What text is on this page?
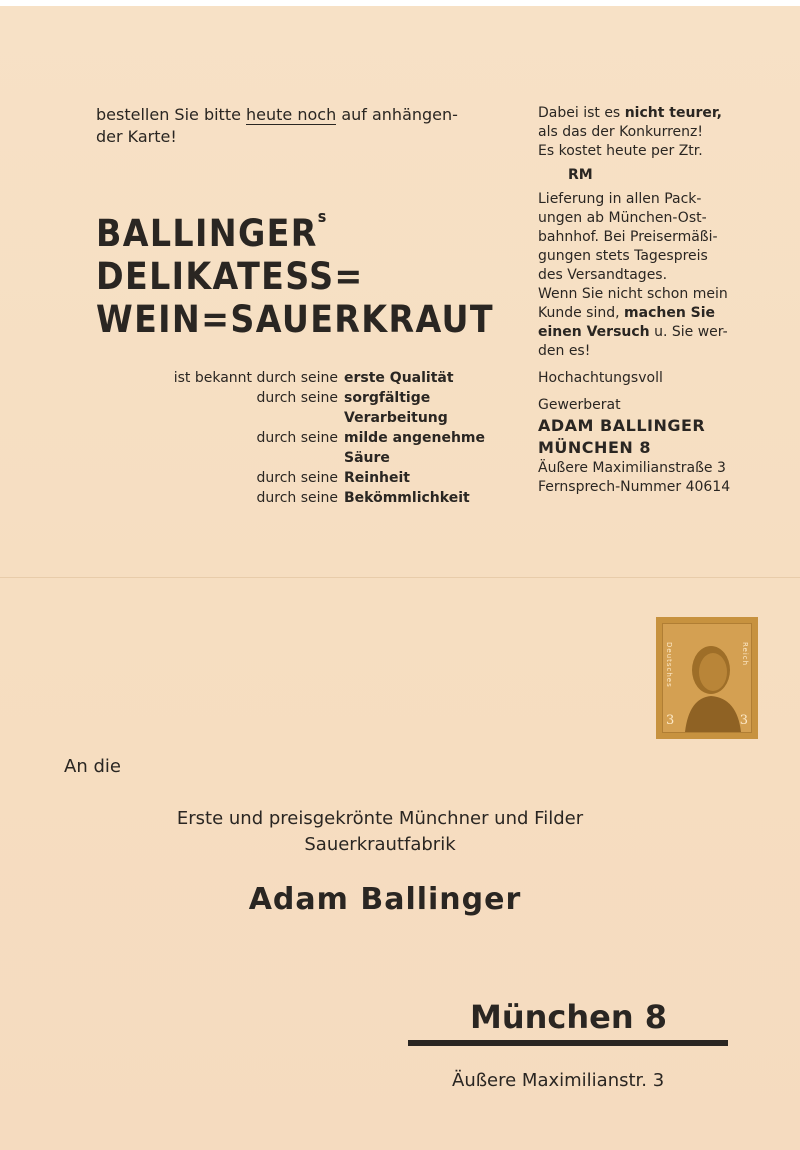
bestellen Sie bitte heute noch auf anhängen-
der Karte!
BALLINGER$^s$
DELIKATESS=
WEIN=SAUERKRAUT
ist bekannt durch seine erste Qualität
durch seine sorgfältige
Verarbeitung
durch seine milde angenehme
Säure
durch seine Reinheit
durch seine Bekömmlichkeit

Dabei ist es nicht teurer,

als das der Konkurrenz!

Es kostet heute per Ztr.

RM

Lieferung in allen Pack-

ungen ab München-Ost-

bahnhof. Bei Preisermäßi-

gungen stets Tagespreis

des Versandtages.

Wenn Sie nicht schon mein

Kunde sind, machen Sie

einen Versuch u. Sie wer-

den es!

Hochachtungsvoll

Gewerberat

ADAM BALLINGER

MÜNCHEN 8

Äußere Maximilianstraße 3

Fernsprech-Nummer 40614

Deutsches	Reich
3	3
An die
Erste und preisgekrönte Münchner und Filder
Sauerkrautfabrik
Adam Ballinger
München 8
Äußere Maximilianstr. 3
